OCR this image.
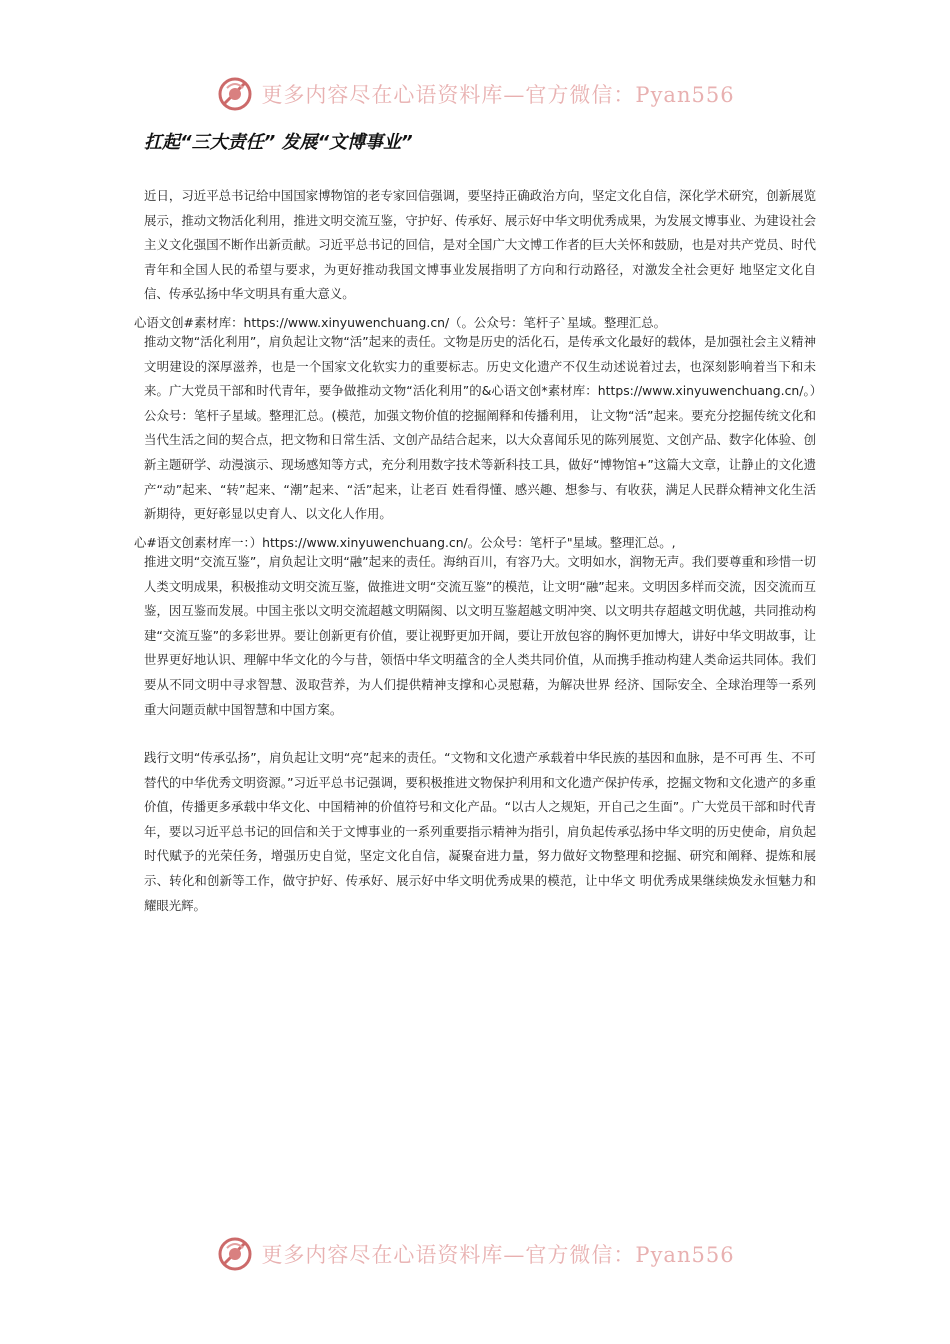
更多内容尽在心语资料库—官方微信：Pyan556
扛起“三大责任” 发展“文博事业”

近日，习近平总书记给中国国家博物馆的老专家回信强调，要坚持正确政治方向，坚定文化自信，深化学术研究，创新展览展示，推动文物活化利用，推进文明交流互鉴，守护好、传承好、展示好中华文明优秀成果，为发展文博事业、为建设社会主义文化强国不断作出新贡献。习近平总书记的回信，是对全国广大文博工作者的巨大关怀和鼓励，也是对共产党员、时代青年和全国人民的希望与要求，为更好推动我国文博事业发展指明了方向和行动路径，对激发全社会更好 地坚定文化自信、传承弘扬中华文明具有重大意义。

心语文创#素材库：https://www.xinyuwenchuang.cn/（。公众号：笔杆子`星域。整理汇总。

推动文物“活化利用”，肩负起让文物“活”起来的责任。文物是历史的活化石，是传承文化最好的载体，是加强社会主义精神文明建设的深厚滋养，也是一个国家文化软实力的重要标志。历史文化遗产不仅生动述说着过去，也深刻影响着当下和未来。广大党员干部和时代青年，要争做推动文物“活化利用”的&心语文创*素材库：https://www.xinyuwenchuang.cn/。）公众号：笔杆子星域。整理汇总。(模范，加强文物价值的挖掘阐释和传播利用， 让文物“活”起来。要充分挖掘传统文化和当代生活之间的契合点，把文物和日常生活、文创产品结合起来，以大众喜闻乐见的陈列展览、文创产品、数字化体验、创新主题研学、动漫演示、现场感知等方式，充分利用数字技术等新科技工具，做好“博物馆+”这篇大文章，让静止的文化遗产“动”起来、“转”起来、“潮”起来、“活”起来，让老百 姓看得懂、感兴趣、想参与、有收获，满足人民群众精神文化生活新期待，更好彰显以史育人、以文化人作用。

心#语文创素材库一：）https://www.xinyuwenchuang.cn/。公众号：笔杆子"星域。整理汇总。,

推进文明“交流互鉴”，肩负起让文明“融”起来的责任。海纳百川，有容乃大。文明如水，润物无声。我们要尊重和珍惜一切人类文明成果，积极推动文明交流互鉴，做推进文明“交流互鉴”的模范，让文明“融”起来。文明因多样而交流，因交流而互鉴，因互鉴而发展。中国主张以文明交流超越文明隔阂、以文明互鉴超越文明冲突、以文明共存超越文明优越，共同推动构建“交流互鉴”的多彩世界。要让创新更有价值，要让视野更加开阔，要让开放包容的胸怀更加博大，讲好中华文明故事，让世界更好地认识、理解中华文化的今与昔，领悟中华文明蕴含的全人类共同价值，从而携手推动构建人类命运共同体。我们要从不同文明中寻求智慧、汲取营养，为人们提供精神支撑和心灵慰藉，为解决世界 经济、国际安全、全球治理等一系列重大问题贡献中国智慧和中国方案。

践行文明“传承弘扬”，肩负起让文明“亮”起来的责任。“文物和文化遗产承载着中华民族的基因和血脉，是不可再 生、不可替代的中华优秀文明资源。”习近平总书记强调，要积极推进文物保护利用和文化遗产保护传承，挖掘文物和文化遗产的多重价值，传播更多承载中华文化、中国精神的价值符号和文化产品。“以古人之规矩，开自己之生面”。广大党员干部和时代青年，要以习近平总书记的回信和关于文博事业的一系列重要指示精神为指引，肩负起传承弘扬中华文明的历史使命，肩负起时代赋予的光荣任务，增强历史自觉，坚定文化自信，凝聚奋进力量，努力做好文物整理和挖掘、研究和阐释、提炼和展示、转化和创新等工作，做守护好、传承好、展示好中华文明优秀成果的模范，让中华文 明优秀成果继续焕发永恒魅力和耀眼光辉。

更多内容尽在心语资料库—官方微信：Pyan556
